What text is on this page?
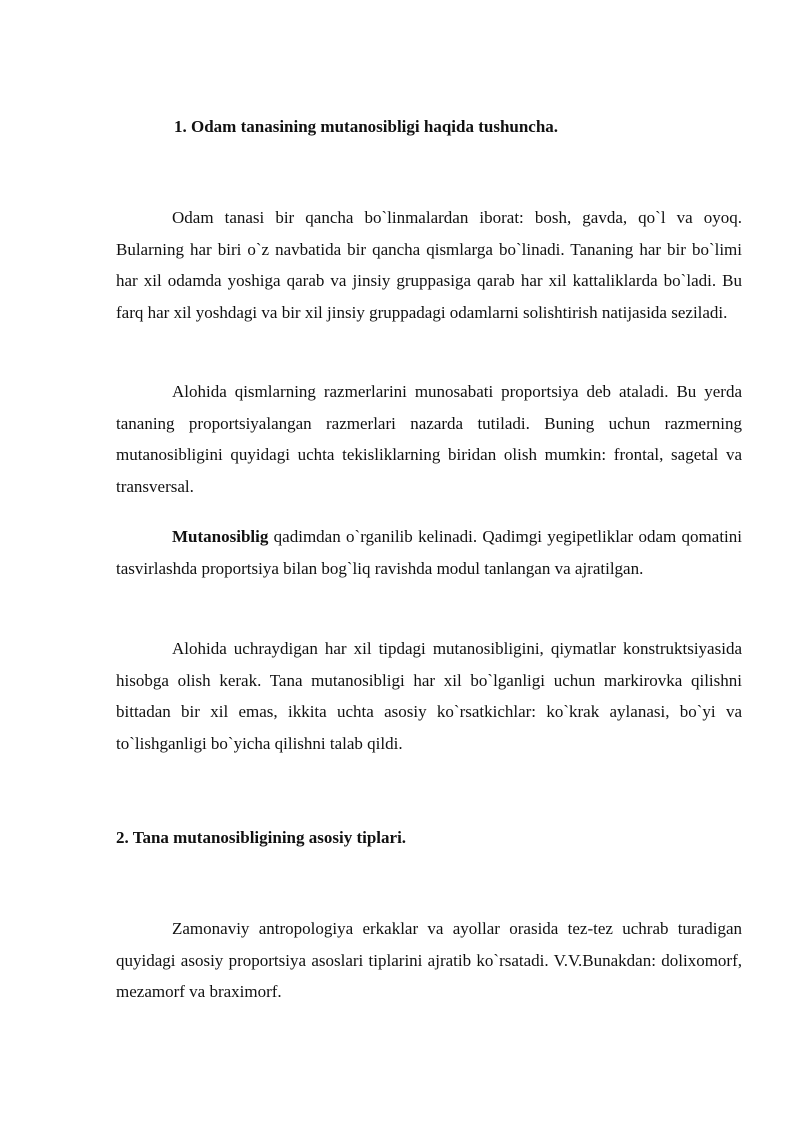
1. Odam tanasining mutanosibligi haqida tushuncha.

Odam tanasi bir qancha bo`linmalardan iborat: bosh, gavda, qo`l va oyoq. Bularning har biri o`z navbatida bir qancha qismlarga bo`linadi. Tananing har bir bo`limi har xil odamda yoshiga qarab va jinsiy gruppasiga qarab har xil kattaliklarda bo`ladi. Bu farq har xil yoshdagi va bir xil jinsiy gruppadagi odamlarni solishtirish natijasida seziladi.

Alohida qismlarning razmerlarini munosabati proportsiya deb ataladi. Bu yerda tananing proportsiyalangan razmerlari nazarda tutiladi. Buning uchun razmerning mutanosibligini quyidagi uchta tekisliklarning biridan olish mumkin: frontal, sagetal va transversal.

Mutanosiblig qadimdan o`rganilib kelinadi. Qadimgi yegipetliklar odam qomatini tasvirlashda proportsiya bilan bog`liq ravishda modul tanlangan va ajratilgan.

Alohida uchraydigan har xil tipdagi mutanosibligini, qiymatlar konstruktsiyasida hisobga olish kerak. Tana mutanosibligi har xil bo`lganligi uchun markirovka qilishni bittadan bir xil emas, ikkita uchta asosiy ko`rsatkichlar: ko`krak aylanasi, bo`yi va to`lishganligi bo`yicha qilishni talab qildi.

2. Tana mutanosibligining asosiy tiplari.

Zamonaviy antropologiya erkaklar va ayollar orasida tez-tez uchrab turadigan quyidagi asosiy proportsiya asoslari tiplarini ajratib ko`rsatadi. V.V.Bunakdan: dolixomorf, mezamorf va braximorf.
